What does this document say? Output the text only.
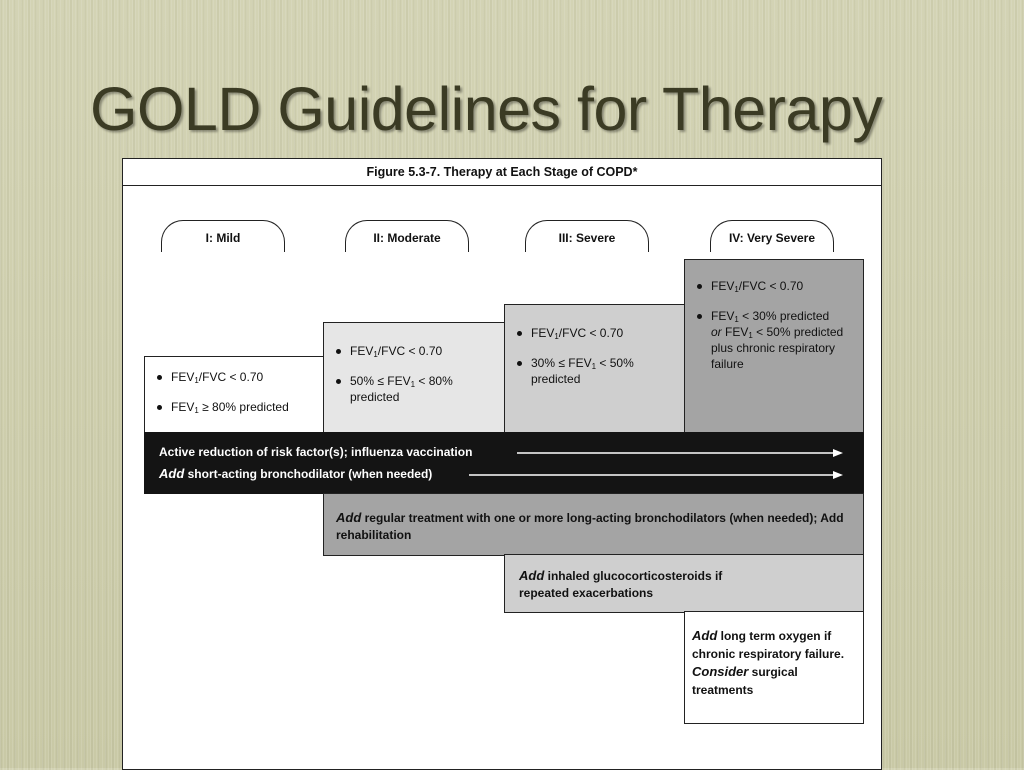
GOLD Guidelines for Therapy
Figure 5.3-7. Therapy at Each Stage of COPD*
I: Mild	II: Moderate	III: Severe	IV: Very Severe
$FEV_1$/FVC < 0.70
$FEV_1 \ge 80\%$ predicted
$FEV_1$/FVC < 0.70
$50\% \le FEV_1 < 80\%$ predicted
$FEV_1$/FVC < 0.70
$30\% \le FEV_1 < 50\%$ predicted
$FEV_1$/FVC < 0.70
$FEV_1 < 30\%$ predicted
or $FEV_1 < 50\%$ predicted plus chronic respiratory failure
Active reduction of risk factor(s); influenza vaccination
Add short-acting bronchodilator (when needed)
Add regular treatment with one or more long-acting bronchodilators (when needed); Add rehabilitation
Add inhaled glucocorticosteroids if repeated exacerbations
Add long term oxygen if chronic respiratory failure.
Consider surgical treatments
